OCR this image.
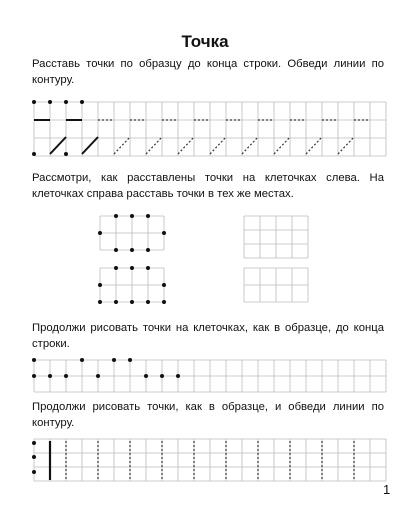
Точка
Расставь точки по образцу до конца строки. Обведи линии по контуру.
Рассмотри, как расставлены точки на клеточках слева. На клеточках справа расставь точки в тех же местах.
Продолжи рисовать точки на клеточках, как в образце, до конца строки.
Продолжи рисовать точки, как в образце, и обведи линии по контуру.
1
